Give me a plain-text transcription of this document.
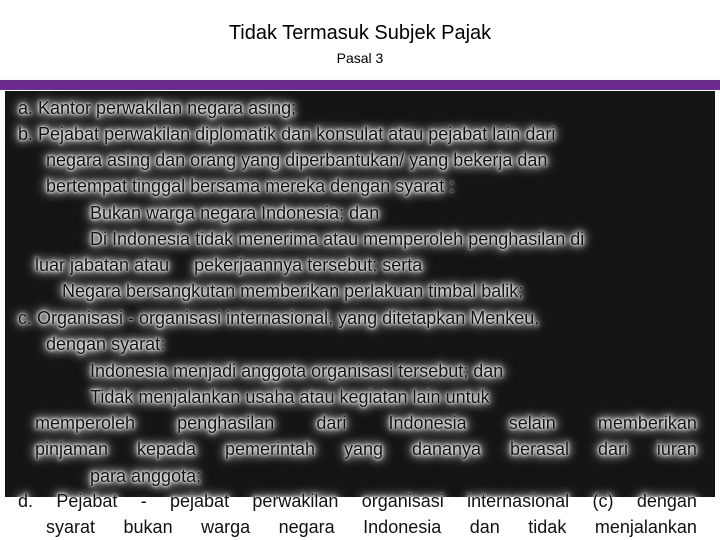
Tidak Termasuk Subjek Pajak
Pasal 3
a. Kantor perwakilan negara asing;
b. Pejabat perwakilan diplomatik dan konsulat atau pejabat lain dari
negara asing dan orang yang diperbantukan/ yang bekerja dan
bertempat tinggal bersama mereka dengan syarat :
Bukan warga negara Indonesia; dan
Di Indonesia tidak menerima atau memperoleh penghasilan di
luar jabatan atau     pekerjaannya tersebut; serta
Negara bersangkutan memberikan perlakuan timbal balik;
c. Organisasi - organisasi internasional, yang ditetapkan Menkeu,
dengan syarat:
Indonesia menjadi anggota organisasi tersebut; dan
Tidak menjalankan usaha atau kegiatan lain untuk
memperoleh penghasilan dari Indonesia selain memberikan
pinjaman kepada pemerintah yang dananya berasal dari iuran
para anggota;
d. Pejabat - pejabat perwakilan organisasi internasional (c) dengan
syarat bukan warga negara Indonesia dan tidak menjalankan
